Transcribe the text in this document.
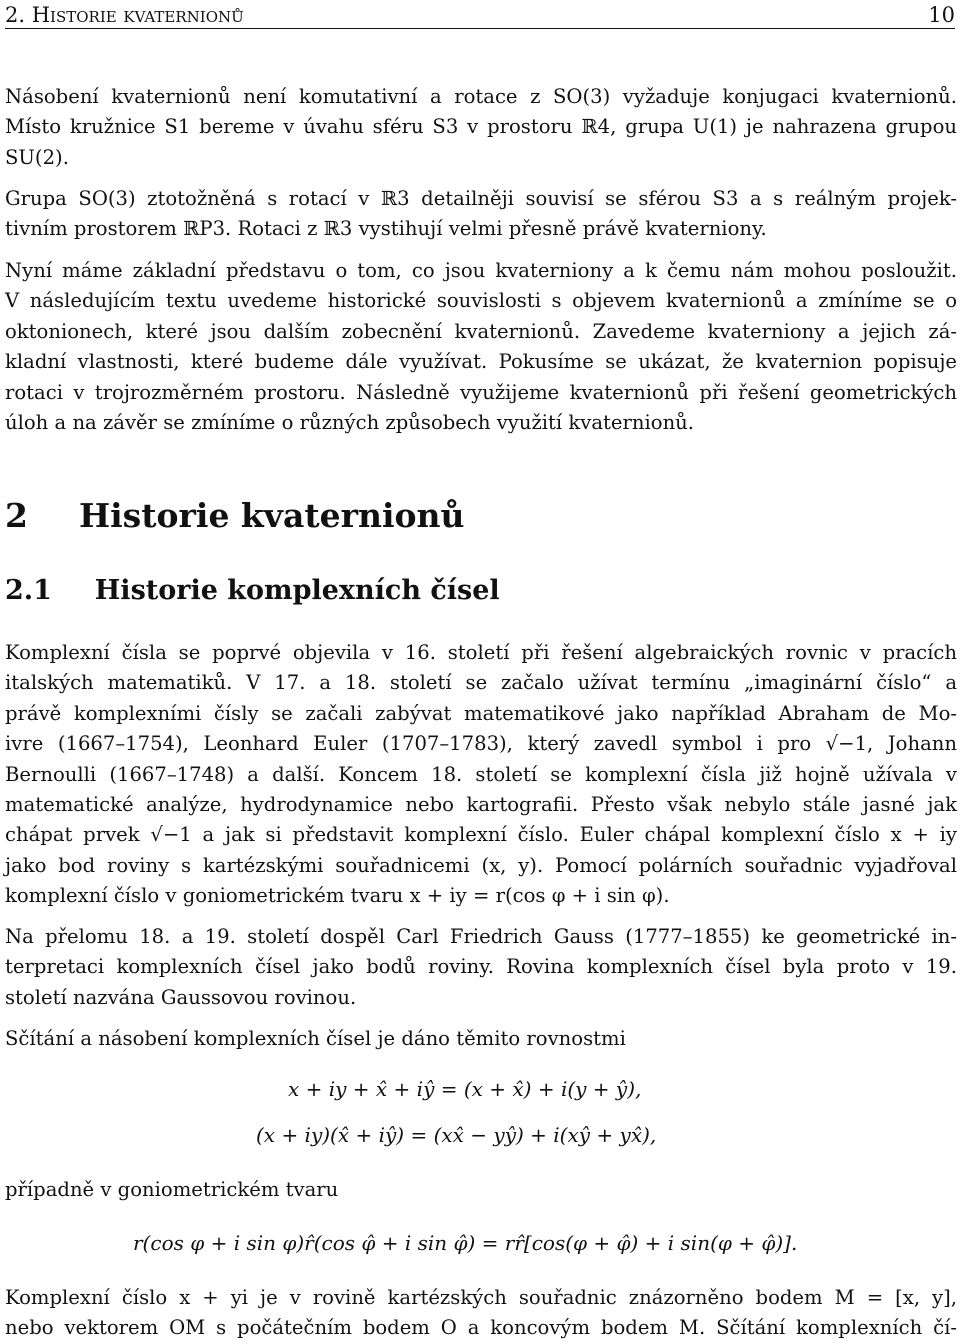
2. Historie kvaternionů	10
Násobení kvaternionů není komutativní a rotace z SO(3) vyžaduje konjugaci kvaternionů.
Místo kružnice S1 bereme v úvahu sféru S3 v prostoru ℝ4, grupa U(1) je nahrazena grupou
SU(2).
Grupa SO(3) ztotožněná s rotací v ℝ3 detailněji souvisí se sférou S3 a s reálným projek-
tivním prostorem ℝP3. Rotaci z ℝ3 vystihují velmi přesně právě kvaterniony.
Nyní máme základní představu o tom, co jsou kvaterniony a k čemu nám mohou posloužit.
V následujícím textu uvedeme historické souvislosti s objevem kvaternionů a zmíníme se o
oktonionech, které jsou dalším zobecnění kvaternionů. Zavedeme kvaterniony a jejich zá-
kladní vlastnosti, které budeme dále využívat. Pokusíme se ukázat, že kvaternion popisuje
rotaci v trojrozměrném prostoru. Následně využijeme kvaternionů při řešení geometrických
úloh a na závěr se zmíníme o různých způsobech využití kvaternionů.
2 Historie kvaternionů
2.1 Historie komplexních čísel
Komplexní čísla se poprvé objevila v 16. století při řešení algebraických rovnic v pracích
italských matematiků. V 17. a 18. století se začalo užívat termínu „imaginární číslo“ a
právě komplexními čísly se začali zabývat matematikové jako například Abraham de Mo-
ivre (1667–1754), Leonhard Euler (1707–1783), který zavedl symbol i pro √−1, Johann
Bernoulli (1667–1748) a další. Koncem 18. století se komplexní čísla již hojně užívala v
matematické analýze, hydrodynamice nebo kartografii. Přesto však nebylo stále jasné jak
chápat prvek √−1 a jak si představit komplexní číslo. Euler chápal komplexní číslo x + iy
jako bod roviny s kartézskými souřadnicemi (x, y). Pomocí polárních souřadnic vyjadřoval
komplexní číslo v goniometrickém tvaru x + iy = r(cos φ + i sin φ).
Na přelomu 18. a 19. století dospěl Carl Friedrich Gauss (1777–1855) ke geometrické in-
terpretaci komplexních čísel jako bodů roviny. Rovina komplexních čísel byla proto v 19.
století nazvána Gaussovou rovinou.
Sčítání a násobení komplexních čísel je dáno těmito rovnostmi
x + iy + x̂ + iŷ = (x + x̂) + i(y + ŷ),
(x + iy)(x̂ + iŷ) = (xx̂ − yŷ) + i(xŷ + yx̂),
případně v goniometrickém tvaru
r(cos φ + i sin φ)r̂(cos φ̂ + i sin φ̂) = rr̂[cos(φ + φ̂) + i sin(φ + φ̂)].
Komplexní číslo x + yi je v rovině kartézských souřadnic znázorněno bodem M = [x, y],
nebo vektorem OM s počátečním bodem O a koncovým bodem M. Sčítání komplexních čí-
